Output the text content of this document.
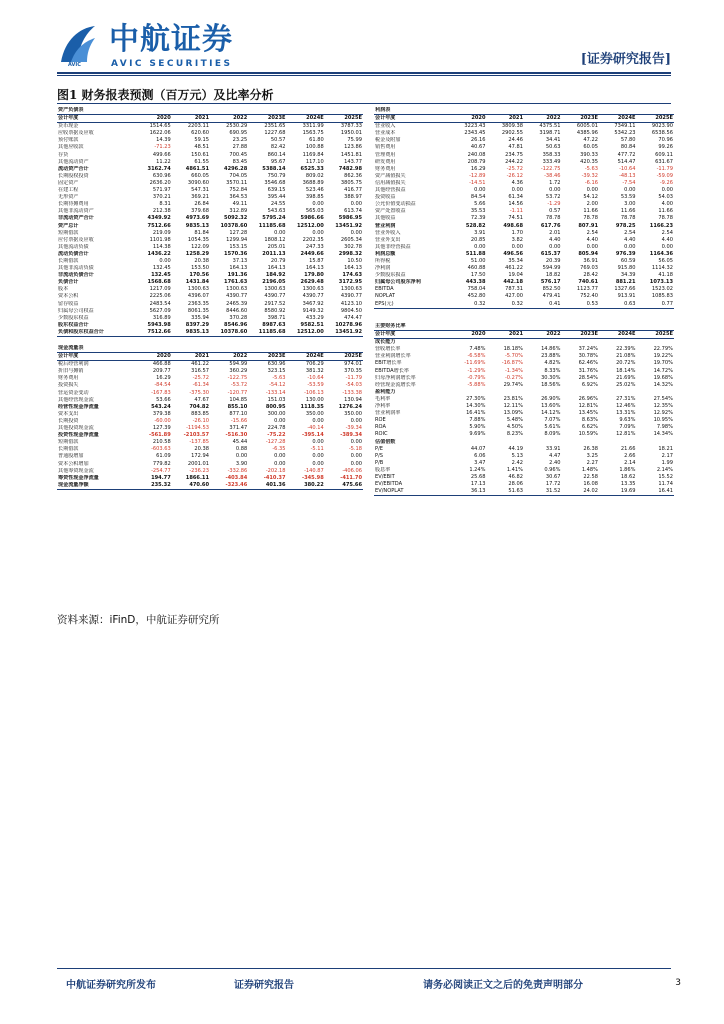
AVIC
中航证券
AVIC SECURITIES	[证券研究报告]
图1 财务报表预测（百万元）及比率分析
资产负债表						
会计年度	2020	2021	2022	2023E	2024E	2025E
货币现金	1514.65	2203.11	2530.29	2351.65	3311.99	3787.33
应收票据及应收	1622.06	620.60	690.95	1227.68	1563.75	1950.01
预付账款	14.39	59.15	23.25	50.57	61.80	75.99
其他应收款	-71.23	48.51	27.88	82.42	100.88	123.86
存货	499.66	150.61	700.45	860.14	1169.84	1451.81
其他流动资产	11.22	61.55	83.45	95.67	117.10	143.77
流动资产合计	3162.74	4861.51	4296.28	5388.14	6525.33	7482.98
长期股权投资	630.96	660.05	704.05	750.79	809.02	862.36
固定资产	2636.20	3090.60	3570.11	3546.68	3688.89	3805.75
在建工程	571.97	547.31	752.84	639.15	523.46	416.77
无形资产	370.21	369.21	364.53	395.44	398.85	388.97
长期待摊费用	8.31	26.84	49.11	24.55	0.00	0.00
其他非流动资产	212.38	379.68	312.89	543.63	565.03	613.74
非流动资产合计	4349.92	4973.69	5092.32	5795.24	5986.66	5986.95
资产总计	7512.66	9835.13	10378.60	11185.68	12512.00	13451.92
短期借款	219.09	81.84	127.28	0.00	0.00	0.00
应付票据及应收	1101.98	1054.35	1299.94	1808.12	2202.35	2605.34
其他流动负债	114.38	122.09	153.15	205.01	247.33	302.78
流动负债合计	1436.22	1258.29	1570.36	2011.13	2449.66	2998.32
长期借款	0.00	20.38	37.13	20.79	15.87	10.50
其他非流动负债	132.45	153.50	164.13	164.13	164.13	164.13
非流动负债合计	132.45	170.56	191.36	184.92	179.80	174.63
负债合计	1568.68	1431.84	1761.63	2196.05	2629.48	3172.95
股本	1217.09	1300.63	1300.63	1300.63	1300.63	1300.63
资本公积	2225.06	4396.07	4390.77	4390.77	4390.77	4390.77
留存收益	2483.54	2363.35	2465.39	2917.52	3467.92	4123.10
归属母公司权益	5627.09	8061.35	8446.60	8580.92	9149.32	9804.50
少数股东权益	316.89	335.94	370.28	398.71	433.29	474.47
股东权益合计	5943.98	8397.29	8546.96	8987.63	9582.51	10278.96
负债和股东权益合计	7512.66	9835.13	10378.60	11185.68	12512.00	13451.92
现金流量表						
会计年度	2020	2021	2022	2023E	2024E	2025E
税后经营利润	466.88	461.22	594.99	630.96	706.29	974.01
折旧与摊销	209.77	316.57	360.29	323.15	381.32	370.35
财务费用	16.29	-25.72	-122.75	-5.63	-10.64	-11.79
投资损失	-84.54	-61.34	-53.72	-54.12	-53.59	-54.03
营运资金变动	-167.83	-375.30	-120.77	-133.14	-106.13	-133.38
其他经营现金流	53.66	47.67	104.85	151.03	130.00	130.94
经营性现金净流量	543.24	704.82	855.10	800.95	1118.35	1276.24
资本支出	379.38	883.85	877.10	300.00	350.00	350.00
长期投资	-60.00	-26.10	-15.66	0.00	0.00	0.00
其他投资现金流	127.39	-1194.53	371.47	224.78	-40.14	-39.34
投资性现金净流量	-561.89	-2103.57	-516.30	-75.22	-395.14	-389.34
短期借款	210.58	-137.85	45.44	-127.28	0.00	0.00
长期借款	-603.63	20.38	0.88	-6.35	-5.11	-5.18
普通股增加	61.09	172.94	0.00	0.00	0.00	0.00
资本公积增加	779.82	2001.01	3.90	0.00	0.00	0.00
其他筹资现金流	-254.77	-236.23	-332.86	-202.18	-140.87	-406.06
筹资性现金净流量	194.77	1866.11	-403.84	-410.37	-345.98	-411.70
现金流量净额	235.32	470.60	-323.46	401.36	380.22	475.66
利润表						
会计年度	2020	2021	2022	2023E	2024E	2025E
营业收入	3223.43	3809.38	4375.51	6005.01	7349.11	9023.90
营业成本	2343.45	2902.55	3198.71	4385.96	5342.23	6538.56
税金及附加	26.16	24.46	34.41	47.22	57.80	70.96
销售费用	40.67	47.81	50.63	60.05	80.84	99.26
管理费用	240.08	234.75	358.33	390.33	477.72	609.11
研发费用	208.79	244.22	333.49	420.35	514.47	631.67
财务费用	16.29	-25.72	-122.75	-5.63	-10.64	-11.79
资产减值损失	-12.89	-26.12	-38.46	-39.32	-48.13	-59.09
信用减值损失	-14.51	4.36	1.72	-6.16	-7.54	-9.26
其他经营损益	0.00	0.00	0.00	0.00	0.00	0.00
投资收益	84.54	61.34	53.72	54.12	53.59	54.03
公允价值变动损益	5.66	14.56	-1.29	2.00	3.00	4.00
资产处置收益	35.53	-1.11	0.57	11.66	11.66	11.66
其他收益	72.39	74.51	78.78	78.78	78.78	78.78
营业利润	528.82	498.68	617.76	807.91	978.25	1166.23
营业外收入	3.91	1.70	2.01	2.54	2.54	2.54
营业外支出	20.85	3.82	4.40	4.40	4.40	4.40
其他非经营损益	0.00	0.00	0.00	0.00	0.00	0.00
利润总额	511.88	496.56	615.37	805.94	976.39	1164.36
所得税	51.00	35.34	20.39	36.91	60.59	56.05
净利润	460.88	461.22	594.99	769.03	915.80	1114.32
少数股东损益	17.50	19.04	18.82	28.42	34.39	41.18
归属母公司股东净利	443.38	442.18	576.17	740.61	881.21	1073.13
EBITDA	758.04	787.31	852.50	1123.77	1327.66	1523.02
NOPLAT	452.80	427.00	479.41	752.40	913.91	1085.83
EPS(元)	0.32	0.32	0.41	0.53	0.63	0.77
主要财务比率						
会计年度	2020	2021	2022	2023E	2024E	2025E
成长能力						
营收增长率	7.48%	18.18%	14.86%	37.24%	22.39%	22.79%
营业利润增长率	-6.58%	-5.70%	23.88%	30.78%	21.08%	19.22%
EBIT增长率	-11.69%	-16.87%	4.82%	62.46%	20.72%	19.70%
EBITDA增长率	-1.29%	-1.34%	8.33%	31.76%	18.14%	14.72%
归母净利润增长率	-0.79%	-0.27%	30.30%	28.54%	21.69%	19.68%
经营现金流增长率	-5.88%	29.74%	18.56%	6.92%	25.02%	14.32%
盈利能力						
毛利率	27.30%	23.81%	26.90%	26.96%	27.31%	27.54%
净利率	14.30%	12.11%	13.60%	12.81%	12.46%	12.35%
营业利润率	16.41%	13.09%	14.12%	13.45%	13.31%	12.92%
ROE	7.88%	5.48%	7.07%	8.63%	9.63%	10.95%
ROA	5.90%	4.50%	5.61%	6.62%	7.09%	7.98%
ROIC	9.69%	8.23%	8.09%	10.59%	12.81%	14.34%
估值倍数						
P/E	44.07	44.19	33.91	26.38	21.66	18.21
P/S	6.06	5.13	4.47	3.25	2.66	2.17
P/B	3.47	2.42	2.40	2.27	2.14	1.99
股息率	1.24%	1.41%	0.96%	1.48%	1.86%	2.14%
EV/EBIT	25.68	46.82	30.67	22.58	18.62	15.52
EV/EBITDA	17.13	28.06	17.72	16.08	13.35	11.74
EV/NOPLAT	36.13	51.63	31.52	24.02	19.69	16.41
资料来源：iFinD，中航证券研究所
中航证券研究所发布	证券研究报告	请务必阅读正文之后的免责声明部分	3
